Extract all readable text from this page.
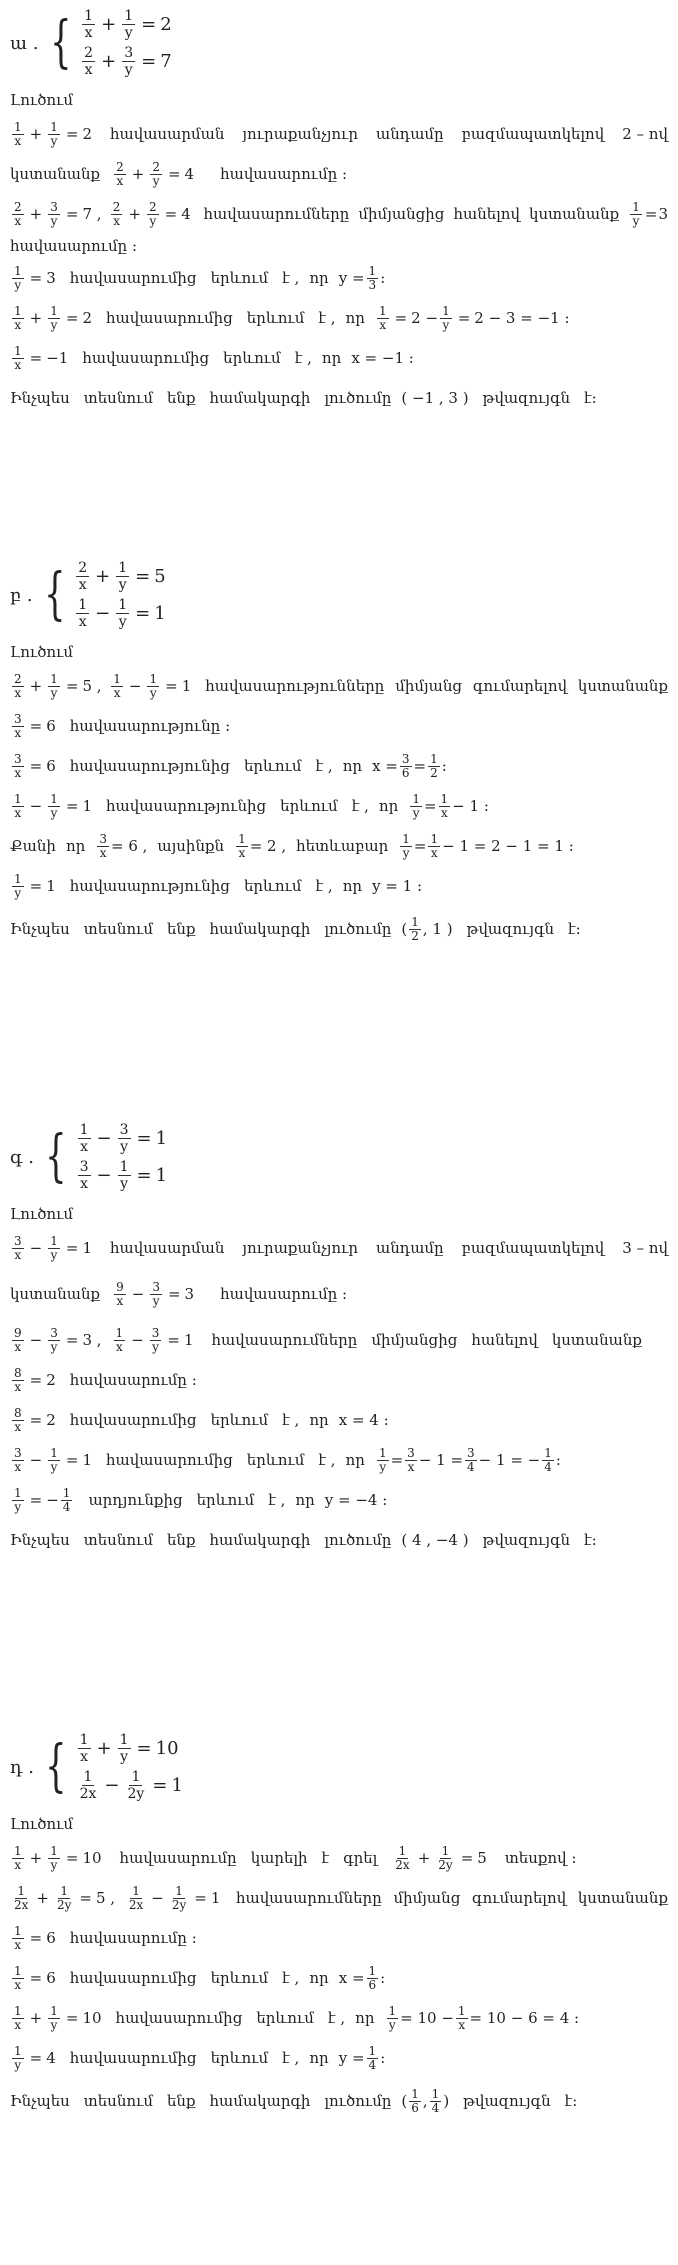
ա . { $\frac{1}{x} + \frac{1}{y} = 2$
$\frac{2}{x} + \frac{3}{y} = 7$
Լուծում
$\frac{1}{x} + \frac{1}{y} = 2$ հավասարման յուրաքանչյուր անդամը բազմապատկելով 2 – ով
կստանանք $\frac{2}{x} + \frac{2}{y} = 4$ հավասարումը :
$\frac{2}{x} + \frac{3}{y} = 7$ , $\frac{2}{x} + \frac{2}{y} = 4$ հավասարումները միմյանցից հանելով կստանանք $\frac{1}{y} = 3$
հավասարումը :
$\frac{1}{y} = 3$ հավասարումից երևում է , որ $y = \frac{1}{3}$ :
$\frac{1}{x} + \frac{1}{y} = 2$ հավասարումից երևում է , որ $\frac{1}{x} = 2 - \frac{1}{y} = 2 - 3 = -1$ :
$\frac{1}{x} = -1$ հավասարումից երևում է , որ x = −1 :
Ինչպես տեսնում ենք համակարգի լուծումը ( −1 , 3 ) թվազույգն է:
բ . { $\frac{2}{x} + \frac{1}{y} = 5$
$\frac{1}{x} - \frac{1}{y} = 1$
Լուծում
$\frac{2}{x} + \frac{1}{y} = 5$ , $\frac{1}{x} - \frac{1}{y} = 1$ հավասարությունները միմյանց գումարելով կստանանք
$\frac{3}{x} = 6$ հավասարությունը :
$\frac{3}{x} = 6$ հավասարությունից երևում է , որ $x = \frac{3}{6} = \frac{1}{2}$ :
$\frac{1}{x} - \frac{1}{y} = 1$ հավասարությունից երևում է , որ $\frac{1}{y} = \frac{1}{x} - 1$ :
Քանի որ $\frac{3}{x} = 6$ , այսինքն $\frac{1}{x} = 2$ , հետևաբար $\frac{1}{y} = \frac{1}{x} - 1 = 2 - 1 = 1$ :
$\frac{1}{y} = 1$ հավասարությունից երևում է , որ y = 1 :
Ինչպես տեսնում ենք համակարգի լուծումը ( $\frac{1}{2}$ , 1 ) թվազույգն է:
գ . { $\frac{1}{x} - \frac{3}{y} = 1$
$\frac{3}{x} - \frac{1}{y} = 1$
Լուծում
$\frac{3}{x} - \frac{1}{y} = 1$ հավասարման յուրաքանչյուր անդամը բազմապատկելով 3 – ով
կստանանք $\frac{9}{x} - \frac{3}{y} = 3$ հավասարումը :
$\frac{9}{x} - \frac{3}{y} = 3$ , $\frac{1}{x} - \frac{3}{y} = 1$ հավասարումները միմյանցից հանելով կստանանք
$\frac{8}{x} = 2$ հավասարումը :
$\frac{8}{x} = 2$ հավասարումից երևում է , որ x = 4 :
$\frac{3}{x} - \frac{1}{y} = 1$ հավասարումից երևում է , որ $\frac{1}{y} = \frac{3}{x} - 1 = \frac{3}{4} - 1$ = − $\frac{1}{4}$ :
$\frac{1}{y}$ = − $\frac{1}{4}$ արդյունքից երևում է , որ y = −4 :
Ինչպես տեսնում ենք համակարգի լուծումը ( 4 , −4 ) թվազույգն է:
դ . { $\frac{1}{x} + \frac{1}{y} = 10$
$\frac{1}{2x} - \frac{1}{2y} = 1$
Լուծում
$\frac{1}{x} + \frac{1}{y} = 10$ հավասարումը կարելի է գրել $\frac{1}{2x} + \frac{1}{2y} = 5$ տեսքով :
$\frac{1}{2x} + \frac{1}{2y} = 5$ , $\frac{1}{2x} - \frac{1}{2y} = 1$ հավասարումները միմյանց գումարելով կստանանք
$\frac{1}{x} = 6$ հավասարումը :
$\frac{1}{x} = 6$ հավասարումից երևում է , որ $x = \frac{1}{6}$ :
$\frac{1}{x} + \frac{1}{y} = 10$ հավասարումից երևում է , որ $\frac{1}{y} = 10 - \frac{1}{x} = 10 - 6 = 4$ :
$\frac{1}{y} = 4$ հավասարումից երևում է , որ $y = \frac{1}{4}$ :
Ինչպես տեսնում ենք համակարգի լուծումը ( $\frac{1}{6}$ , $\frac{1}{4}$ ) թվազույգն է:
